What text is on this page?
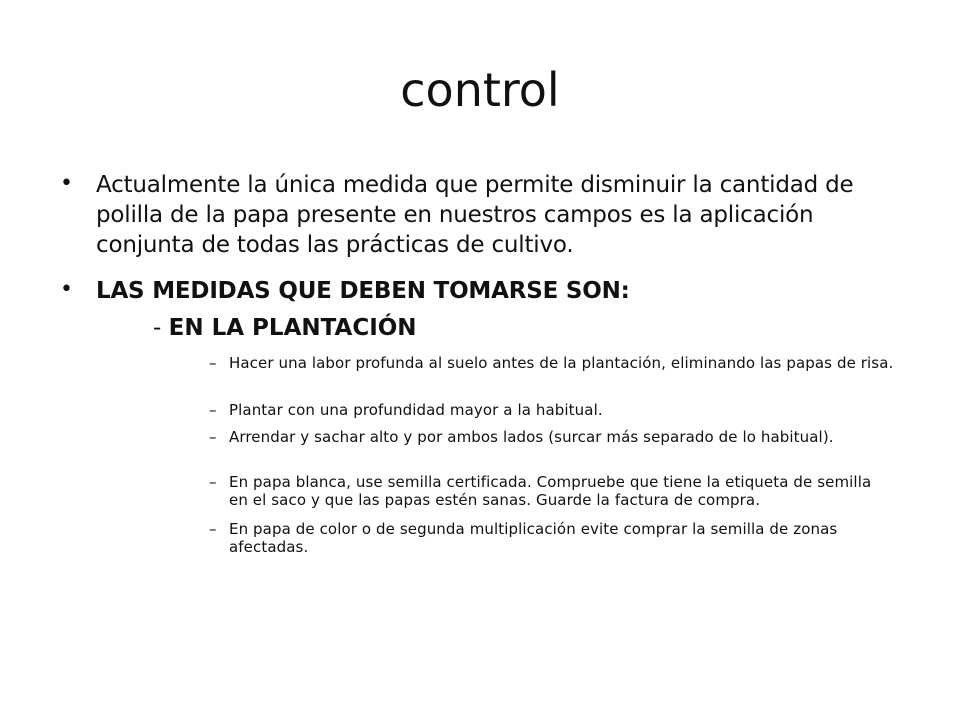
control
• Actualmente la única medida que permite disminuir la cantidad de polilla de la papa presente en nuestros campos es la aplicación conjunta de todas las prácticas de cultivo.
• LAS MEDIDAS QUE DEBEN TOMARSE SON:
- EN LA PLANTACIÓN
– Hacer una labor profunda al suelo antes de la plantación, eliminando las papas de risa.
– Plantar con una profundidad mayor a la habitual.
– Arrendar y sachar alto y por ambos lados (surcar más separado de lo habitual).
– En papa blanca, use semilla certificada. Compruebe que tiene la etiqueta de semilla en el saco y que las papas estén sanas. Guarde la factura de compra.
– En papa de color o de segunda multiplicación evite comprar la semilla de zonas afectadas.
